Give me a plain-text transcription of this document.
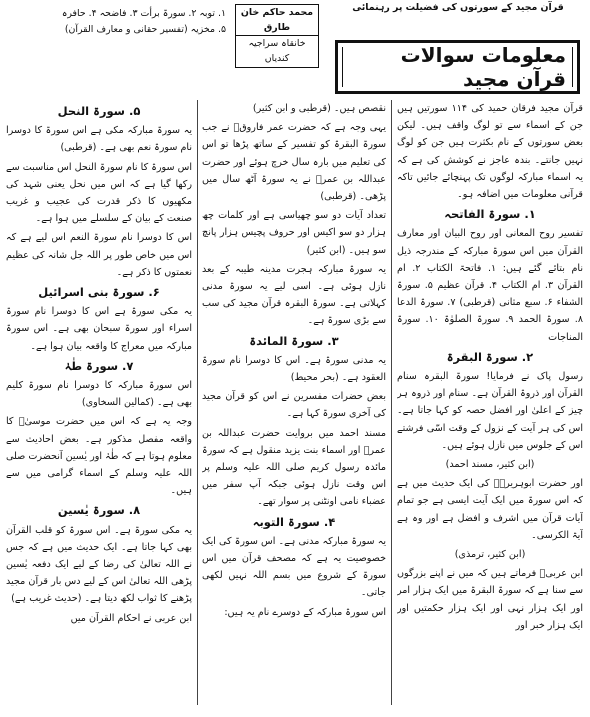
۱. توبہ ۲. سورۃ برأت ۳. فاضحہ ۴. حافرہ
۵. مخزیہ (تفسیر حقانی و معارف القرآن)
محمد حاکم خان طارق
خانقاہ سراجیہ
کندیاں
قرآن مجید کے سورتوں کی فضیلت پر رہنمائی
معلومات سوالات قرآن مجید

قرآن مجید فرقان حمید کی ۱۱۴ سورتیں ہیں جن کے اسماء سے تو لوگ واقف ہیں۔ لیکن بعض سورتوں کے نام بکثرت ہیں جن کو لوگ نہیں جانتے۔ بندہ عاجز نے کوشش کی ہے کہ یہ اسماء مبارکہ لوگوں تک پہنچائے جائیں تاکہ قرآنی معلومات میں اضافہ ہو۔

۱. سورۃ الفاتحہ

تفسیر روح المعانی اور روح البیان اور معارف القرآن میں اس سورۃ مبارکہ کے مندرجہ ذیل نام بتائے گئے ہیں: ۱. فاتحۃ الکتاب ۲. ام القرآن ۳. ام الکتاب ۴. قرآن عظیم ۵. سورۃ الشفاء ۶. سبع مثانی (قرطبی) ۷. سورۃ الدعا ۸. سورۃ الحمد ۹. سورۃ الصلوٰۃ ۱۰. سورۃ المناجات

۲. سورۃ البقرۃ

رسول پاک نے فرمایا! سورۃ البقرہ سنام القرآن اور ذروۃ القرآن ہے۔ سنام اور ذروہ ہر چیز کے اعلیٰ اور افضل حصہ کو کہا جاتا ہے۔ اس کی ہر آیت کے نزول کے وقت اسّی فرشتے اس کے جلوس میں نازل ہوئے ہیں۔

(ابن کثیر، مسند احمد)

اور حضرت ابوہریرہؓ کی ایک حدیث میں ہے کہ اس سورۃ میں ایک آیت ایسی ہے جو تمام آیات قرآن میں اشرف و افضل ہے اور وہ ہے آیۃ الکرسی۔

(ابن کثیر، ترمذی)

ابن عربیؒ فرماتے ہیں کہ میں نے اپنے بزرگوں سے سنا ہے کہ سورۃ البقرۃ میں ایک ہزار امر اور ایک ہزار نہی اور ایک ہزار حکمتیں اور ایک ہزار خبر اور

نقصص ہیں۔ (قرطبی و ابن کثیر)

یہی وجہ ہے کہ حضرت عمر فاروقؓ نے جب سورۃ البقرۃ کو تفسیر کے ساتھ پڑھا تو اس کی تعلیم میں بارہ سال خرچ ہوئے اور حضرت عبداللہ بن عمرؓ نے یہ سورۃ آٹھ سال میں پڑھی۔ (قرطبی)

تعداد آیات دو سو چھیاسی ہے اور کلمات چھ ہزار دو سو اکیس اور حروف پچیس ہزار پانچ سو ہیں۔ (ابن کثیر)

یہ سورۃ مبارکہ ہجرت مدینہ طیبہ کے بعد نازل ہوئی ہے۔ اسی لیے یہ سورۃ مدنی کہلاتی ہے۔ سورۃ البقرہ قرآن مجید کی سب سے بڑی سورۃ ہے۔

۳. سورۃ المائدۃ

یہ مدنی سورۃ ہے۔ اس کا دوسرا نام سورۃ العقود ہے۔ (بحر محیط)

بعض حضرات مفسرین نے اس کو قرآن مجید کی آخری سورۃ کہا ہے۔

مسند احمد میں بروایت حضرت عبداللہ بن عمرؓ اور اسماء بنت یزید منقول ہے کہ سورۃ مائدہ رسول کریم صلی اللہ علیہ وسلم پر اس وقت نازل ہوئی جبکہ آپ سفر میں عضباء نامی اونٹنی پر سوار تھے۔

۴. سورۃ التوبہ

یہ سورۃ مبارکہ مدنی ہے۔ اس سورۃ کی ایک خصوصیت یہ ہے کہ مصحف قرآن میں اس سورۃ کے شروع میں بسم اللہ نہیں لکھی جاتی۔

اس سورۃ مبارکہ کے دوسرے نام یہ ہیں:

۵. سورۃ النحل

یہ سورۃ مبارکہ مکی ہے اس سورۃ کا دوسرا نام سورۃ نعم بھی ہے۔ (قرطبی)

اس سورۃ کا نام سورۃ النحل اس مناسبت سے رکھا گیا ہے کہ اس میں نحل یعنی شہد کی مکھیوں کا ذکر قدرت کی عجیب و غریب صنعت کے بیان کے سلسلے میں ہوا ہے۔

اس کا دوسرا نام سورۃ النعم اس لیے ہے کہ اس میں خاص طور پر اللہ جل شانہ کی عظیم نعمتوں کا ذکر ہے۔

۶. سورۃ بنی اسرائیل

یہ مکی سورۃ ہے اس کا دوسرا نام سورۃ اسراء اور سورۃ سبحان بھی ہے۔ اس سورۃ مبارکہ میں معراج کا واقعہ بیان ہوا ہے۔

۷. سورۃ طٰہٰ

اس سورۃ مبارکہ کا دوسرا نام سورۃ کلیم بھی ہے۔ (کمالین السخاوی)

وجہ یہ ہے کہ اس میں حضرت موسیٰؑ کا واقعہ مفصل مذکور ہے۔ بعض احادیث سے معلوم ہوتا ہے کہ طٰہٰ اور یٰسین آنحضرت صلی اللہ علیہ وسلم کے اسماء گرامی میں سے ہیں۔

۸. سورۃ یٰسین

یہ مکی سورۃ ہے۔ اس سورۃ کو قلب القرآن بھی کہا جاتا ہے۔ ایک حدیث میں ہے کہ جس نے اللہ تعالیٰ کی رضا کے لیے ایک دفعہ یٰسین پڑھی اللہ تعالیٰ اس کے لیے دس بار قرآن مجید پڑھنے کا ثواب لکھ دیتا ہے۔ (حدیث غریب ہے)

ابن عربی نے احکام القرآن میں
